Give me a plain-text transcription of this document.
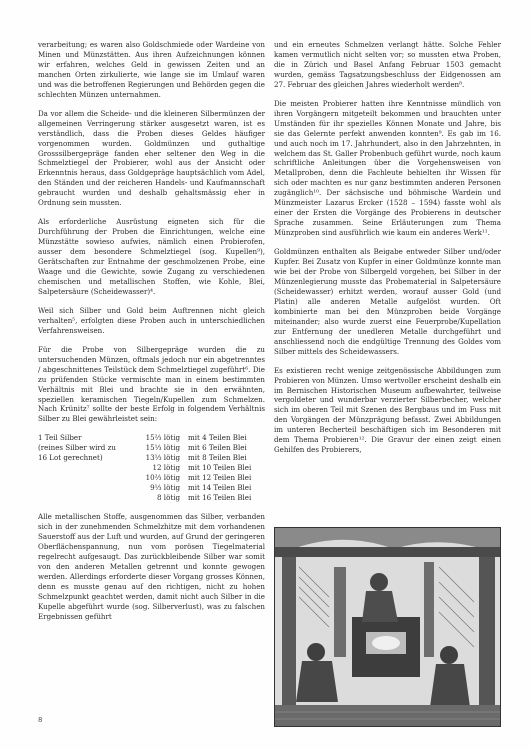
verarbeitung; es waren also Goldschmiede oder Wardeine von Minen und Münzstätten. Aus ihren Aufzeichnungen können wir erfahren, welches Geld in gewissen Zeiten und an manchen Orten zirkulierte, wie lange sie im Umlauf waren und was die betroffenen Regierungen und Behörden gegen die schlechten Münzen unternahmen.

Da vor allem die Scheide- und die kleineren Silbermünzen der allgemeinen Verringerung stärker ausgesetzt waren, ist es verständlich, dass die Proben dieses Geldes häufiger vorgenommen wurden. Goldmünzen und guthaltige Grosssilbergepräge fanden eher seltener den Weg in die Schmelztiegel der Probierer, wohl aus der Ansicht oder Erkenntnis heraus, dass Goldgepräge hauptsächlich vom Adel, den Ständen und der reicheren Handels- und Kaufmannschaft gebraucht wurden und deshalb gehaltsmässig eher in Ordnung sein mussten.

Als erforderliche Ausrüstung eigneten sich für die Durchführung der Proben die Einrichtungen, welche eine Münzstätte sowieso aufwies, nämlich einen Probierofen, ausser dem besondere Schmelztiegel (sog. Kupellen⁹), Gerätschaften zur Entnahme der geschmolzenen Probe, eine Waage und die Gewichte, sowie Zugang zu verschiedenen chemischen und metallischen Stoffen, wie Kohle, Blei, Salpetersäure (Scheidewasser)⁴.

Weil sich Silber und Gold beim Auftrennen nicht gleich verhalten⁵, erfolgten diese Proben auch in unterschiedlichen Verfahrensweisen.

Für die Probe von Silbergepräge wurden die zu untersuchenden Münzen, oftmals jedoch nur ein abgetrenntes / abgeschnittenes Teilstück dem Schmelztiegel zugeführt⁶. Die zu prüfenden Stücke vermischte man in einem bestimmten Verhältnis mit Blei und brachte sie in den erwähnten, speziellen keramischen Tiegeln/Kupellen zum Schmelzen. Nach Krünitz⁷ sollte der beste Erfolg in folgendem Verhältnis Silber zu Blei gewährleistet sein:

1 Teil Silber	15⅔ lötig	mit 4 Teilen Blei
(reines Silber wird zu	15⅓ lötig	mit 6 Teilen Blei
16 Lot gerechnet)	13⅓ lötig	mit 8 Teilen Blei
	12 lötig	mit 10 Teilen Blei
	10⅔ lötig	mit 12 Teilen Blei
	9⅓ lötig	mit 14 Teilen Blei
	8 lötig	mit 16 Teilen Blei

Alle metallischen Stoffe, ausgenommen das Silber, verbanden sich in der zunehmenden Schmelzhitze mit dem vorhandenen Sauerstoff aus der Luft und wurden, auf Grund der geringeren Oberflächenspannung, nun vom porösen Tiegelmaterial regelrecht aufgesaugt. Das zurückbleibende Silber war somit von den anderen Metallen getrennt und konnte gewogen werden. Allerdings erforderte dieser Vorgang grosses Können, denn es musste genau auf den richtigen, nicht zu hohen Schmelzpunkt geachtet werden, damit nicht auch Silber in die Kupelle abgeführt wurde (sog. Silberverlust), was zu falschen Ergebnissen geführt

und ein erneutes Schmelzen verlangt hätte. Solche Fehler kamen vermutlich nicht selten vor; so mussten etwa Proben, die in Zürich und Basel Anfang Februar 1503 gemacht wurden, gemäss Tagsatzungsbeschluss der Eidgenossen am 27. Februar des gleichen Jahres wiederholt werden⁸.

Die meisten Probierer hatten ihre Kenntnisse mündlich von ihren Vorgängern mitgeteilt bekommen und brauchten unter Umständen für ihr spezielles Können Monate und Jahre, bis sie das Gelernte perfekt anwenden konnten⁹. Es gab im 16. und auch noch im 17. Jahrhundert, also in den Jahrzehnten, in welchem das St. Galler Probenbuch geführt wurde, noch kaum schriftliche Anleitungen über die Vorgehensweisen von Metallproben, denn die Fachleute behielten ihr Wissen für sich oder machten es nur ganz bestimmten anderen Personen zugänglich¹⁰. Der sächsische und böhmische Wardein und Münzmeister Lazarus Ercker (1528 – 1594) fasste wohl als einer der Ersten die Vorgänge des Probierens in deutscher Sprache zusammen. Seine Erläuterungen zum Thema Münzproben sind ausführlich wie kaum ein anderes Werk¹¹.

Goldmünzen enthalten als Beigabe entweder Silber und/oder Kupfer. Bei Zusatz von Kupfer in einer Goldmünze konnte man wie bei der Probe von Silbergeld vorgehen, bei Silber in der Münzenlegierung musste das Probematerial in Salpetersäure (Scheidewasser) erhitzt werden, worauf ausser Gold (und Platin) alle anderen Metalle aufgelöst wurden. Oft kombinierte man bei den Münzproben beide Vorgänge miteinander; also wurde zuerst eine Feuerprobe/Kupellation zur Entfernung der unedleren Metalle durchgeführt und anschliessend noch die endgültige Trennung des Goldes vom Silber mittels des Scheidewassers.

Es existieren recht wenige zeitgenössische Abbildungen zum Probieren von Münzen. Umso wertvoller erscheint deshalb ein im Bernischen Historischen Museum aufbewahrter, teilweise vergoldeter und wunderbar verzierter Silberbecher, welcher sich im oberen Teil mit Szenen des Bergbaus und im Fuss mit den Vorgängen der Münzprägung befasst. Zwei Abbildungen im unteren Becherteil beschäftigen sich im Besonderen mit dem Thema Probieren¹². Die Gravur der einen zeigt einen Gehilfen des Probierers,

8
